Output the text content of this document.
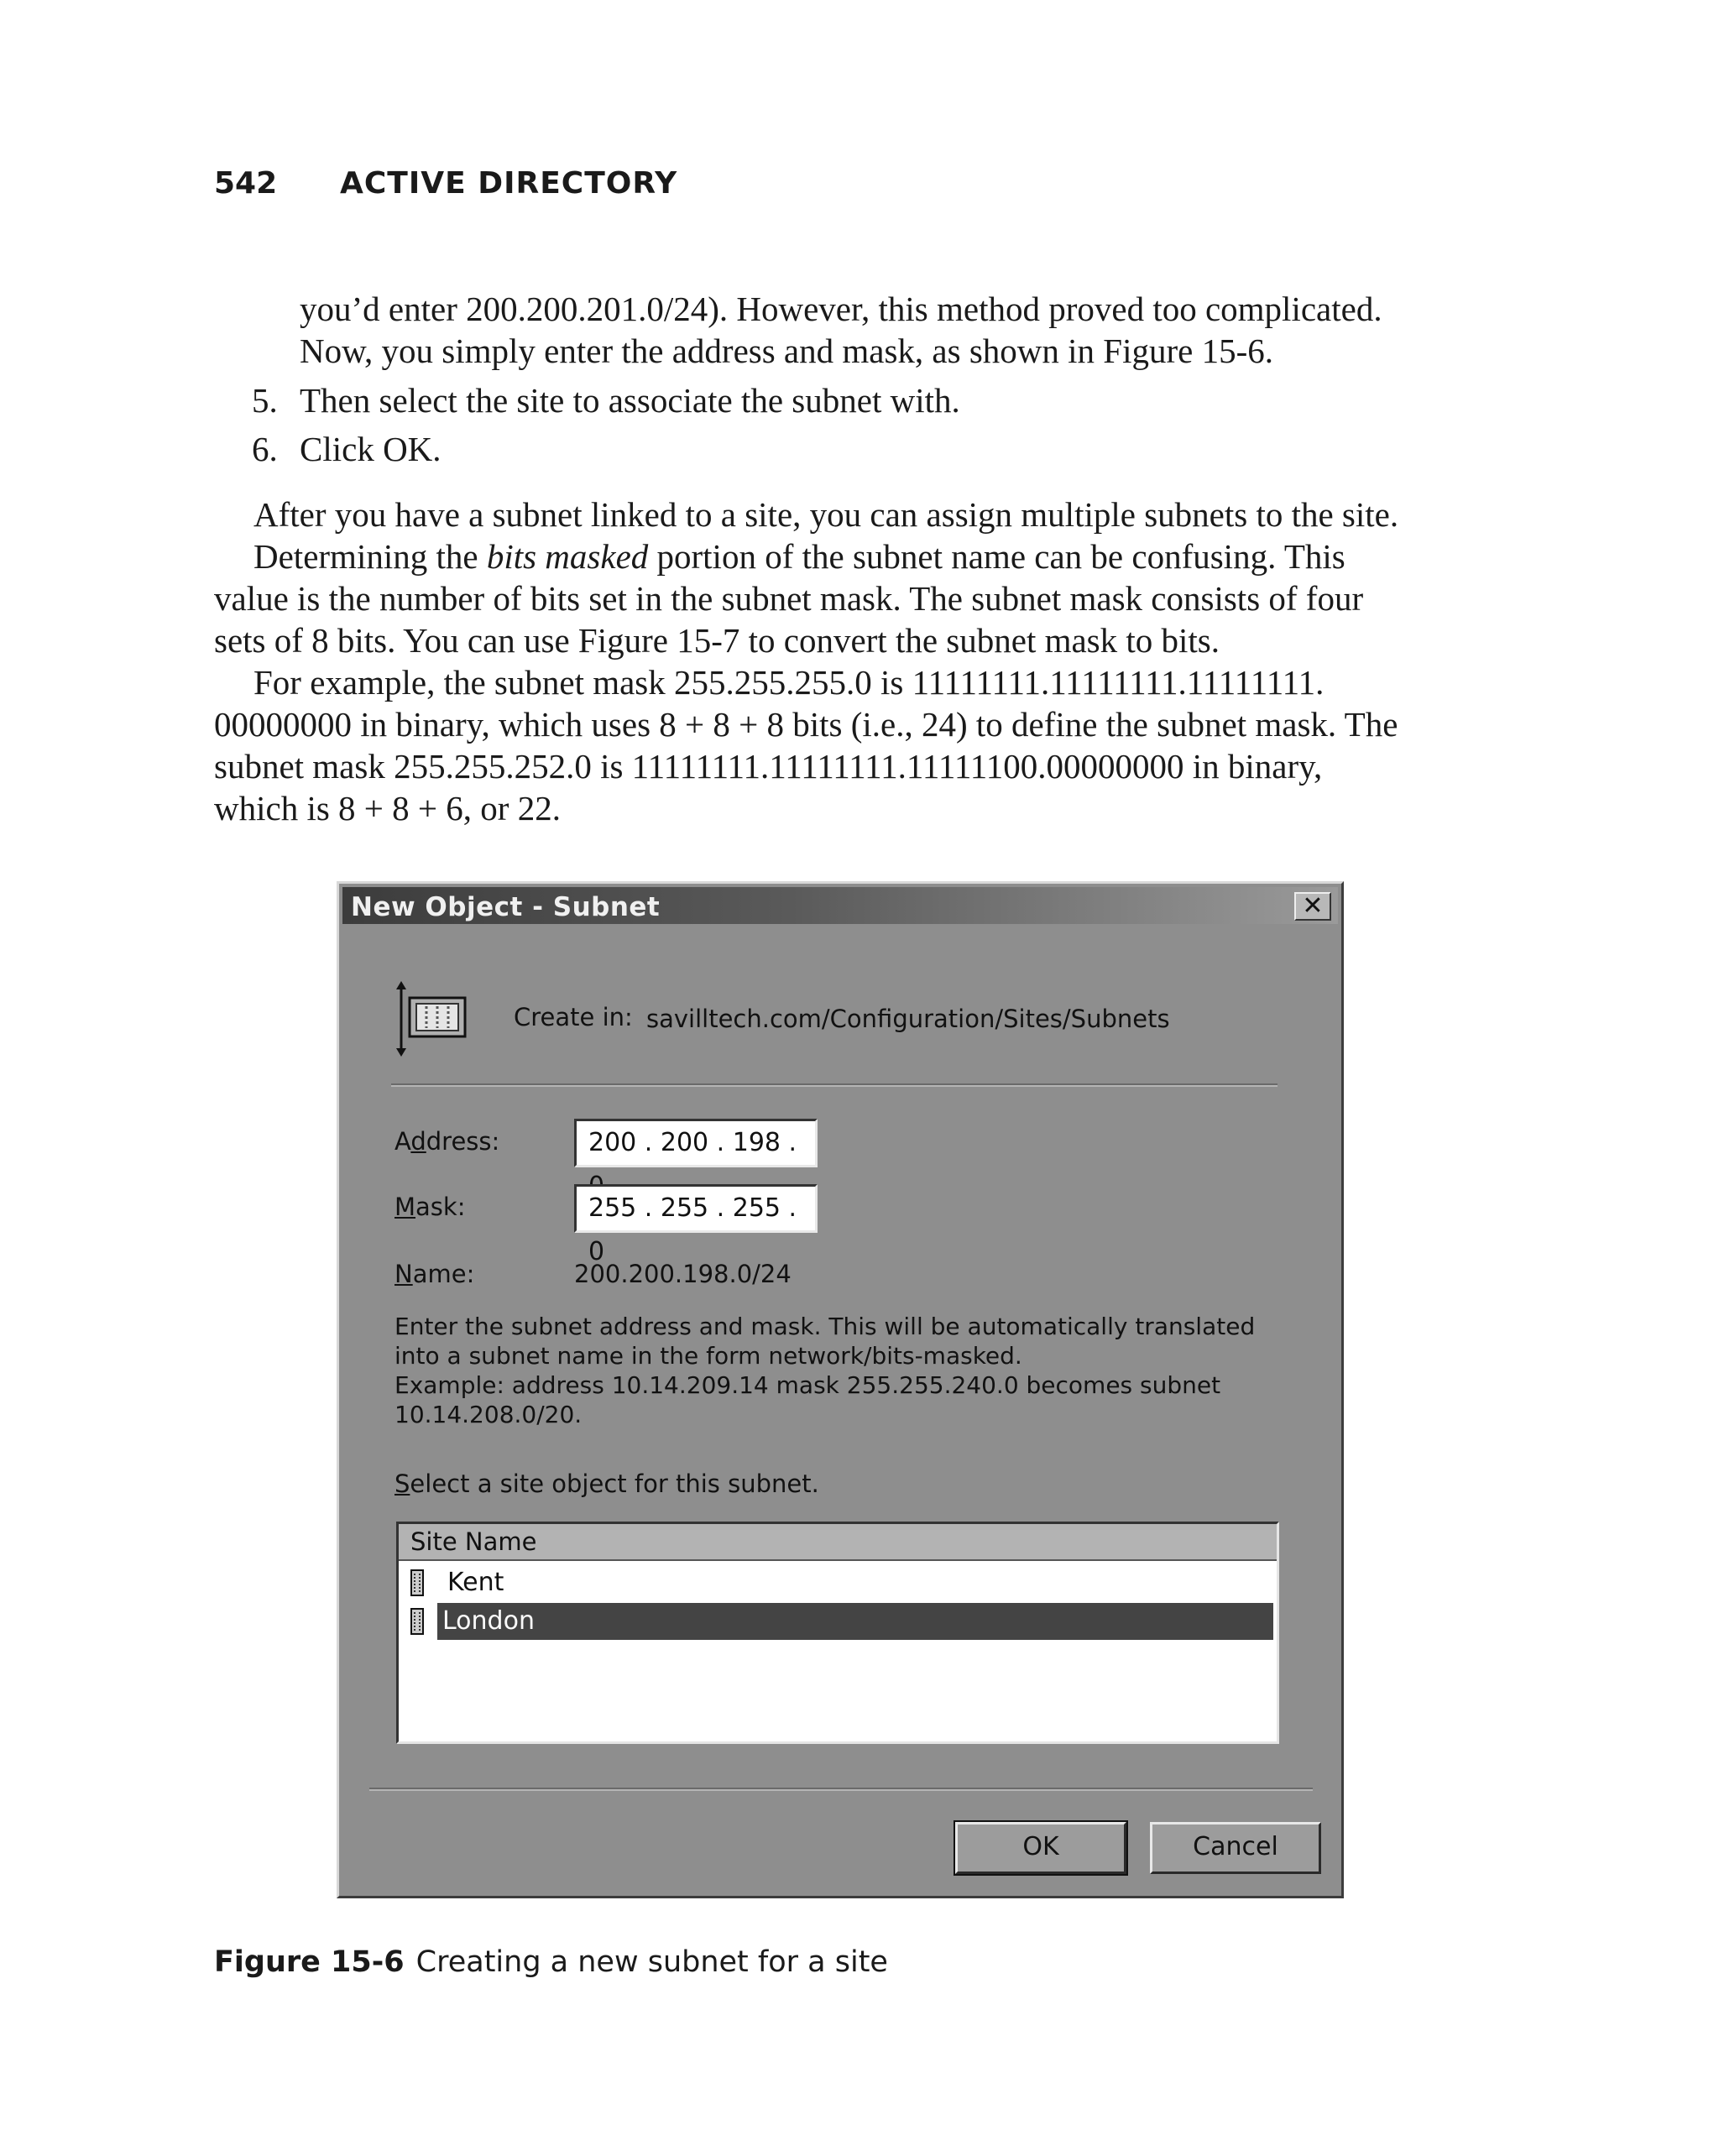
542 ACTIVE DIRECTORY

you’d enter 200.200.201.0/24). However, this method proved too complicated.

Now, you simply enter the address and mask, as shown in Figure 15-6.

5. Then select the site to associate the subnet with.
6. Click OK.

After you have a subnet linked to a site, you can assign multiple subnets to the site.

Determining the bits masked portion of the subnet name can be confusing. This

value is the number of bits set in the subnet mask. The subnet mask consists of four

sets of 8 bits. You can use Figure 15-7 to convert the subnet mask to bits.

For example, the subnet mask 255.255.255.0 is 11111111.11111111.11111111.

00000000 in binary, which uses 8 + 8 + 8 bits (i.e., 24) to define the subnet mask. The

subnet mask 255.255.252.0 is 11111111.11111111.11111100.00000000 in binary,

which is 8 + 8 + 6, or 22.

New Object - Subnet	✕
Create in: savilltech.com/Configuration/Sites/Subnets
Address:	200 . 200 . 198 .
Mask:	255 . 255 . 255 . 0
Name:	200.200.198.0/24
Enter the subnet address and mask. This will be automatically translated
into a subnet name in the form network/bits-masked.
Example: address 10.14.209.14 mask 255.255.240.0 becomes subnet
10.14.208.0/20.
Select a site object for this subnet.
Site Name
Kent
London
OK	Cancel
Figure 15-6 Creating a new subnet for a site
